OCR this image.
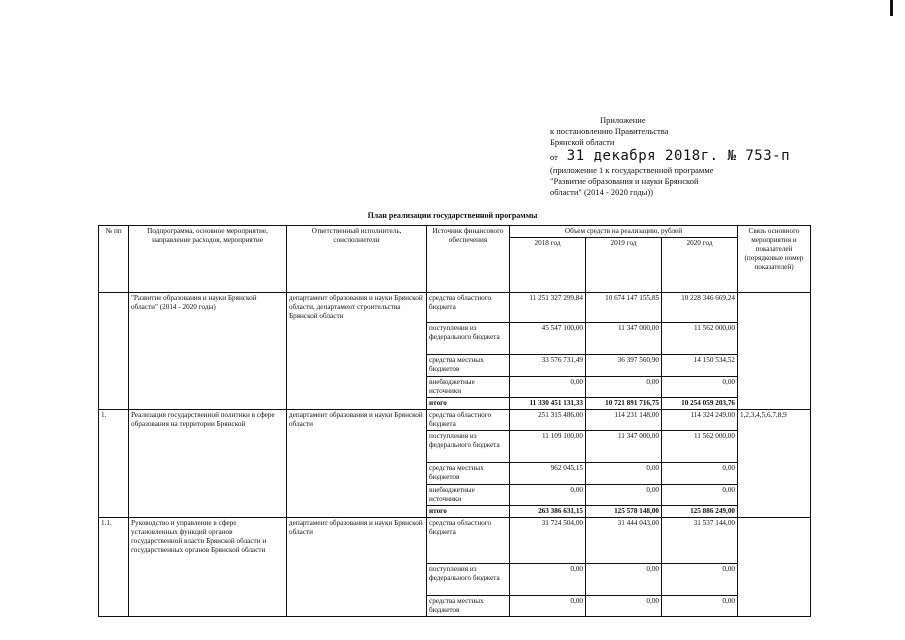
Приложение
к постановлению Правительства
Брянской области
от 31 декабря 2018г. № 753-п
(приложение 1 к государственной программе
"Развитие образования и науки Брянской
области" (2014 - 2020 годы))
План реализации государственной программы
№ пп	Подпрограмма, основное мероприятие, направление расходов, мероприятие	Ответственный исполнитель, соисполнители	Источник финансового обеспечения	Объем средств на реализацию, рублей			Связь основного мероприятия и показателей (порядковые номер показателей)
				2018 год	2019 год	2020 год	
	"Развитие образования и науки Брянской области" (2014 - 2020 годы)	департамент образования и науки Брянской области, департамент строительства Брянской области	средства областного бюджета	11 251 327 299,84	10 674 147 155,85	10 228 346 669,24	
			поступления из федерального бюджета	45 547 100,00	11 347 000,00	11 562 000,00	
			средства местных бюджетов	33 576 731,49	36 397 560,90	14 150 534,52	
			внебюджетные источники	0,00	0,00	0,00	
			итого	11 330 451 131,33	10 721 891 716,75	10 254 059 203,76	
1.	Реализация государственной политики в сфере образования на территории Брянской	департамент образования и науки Брянской области	средства областного бюджета	251 315 486,00	114 231 148,00	114 324 249,00	1,2,3,4,5,6,7,8,9
			поступления из федерального бюджета	11 109 100,00	11 347 000,00	11 562 000,00	
			средства местных бюджетов	962 045,15	0,00	0,00	
			внебюджетные источники	0,00	0,00	0,00	
			итого	263 386 631,15	125 578 148,00	125 886 249,00	
1.1.	Руководство и управление в сфере установленных функций органов государственной власти Брянской области и государственных органов Брянской области	департамент образования и науки Брянской области	средства областного бюджета	31 724 504,00	31 444 043,00	31 537 144,00	
			поступления из федерального бюджета	0,00	0,00	0,00	
			средства местных бюджетов	0,00	0,00	0,00	
